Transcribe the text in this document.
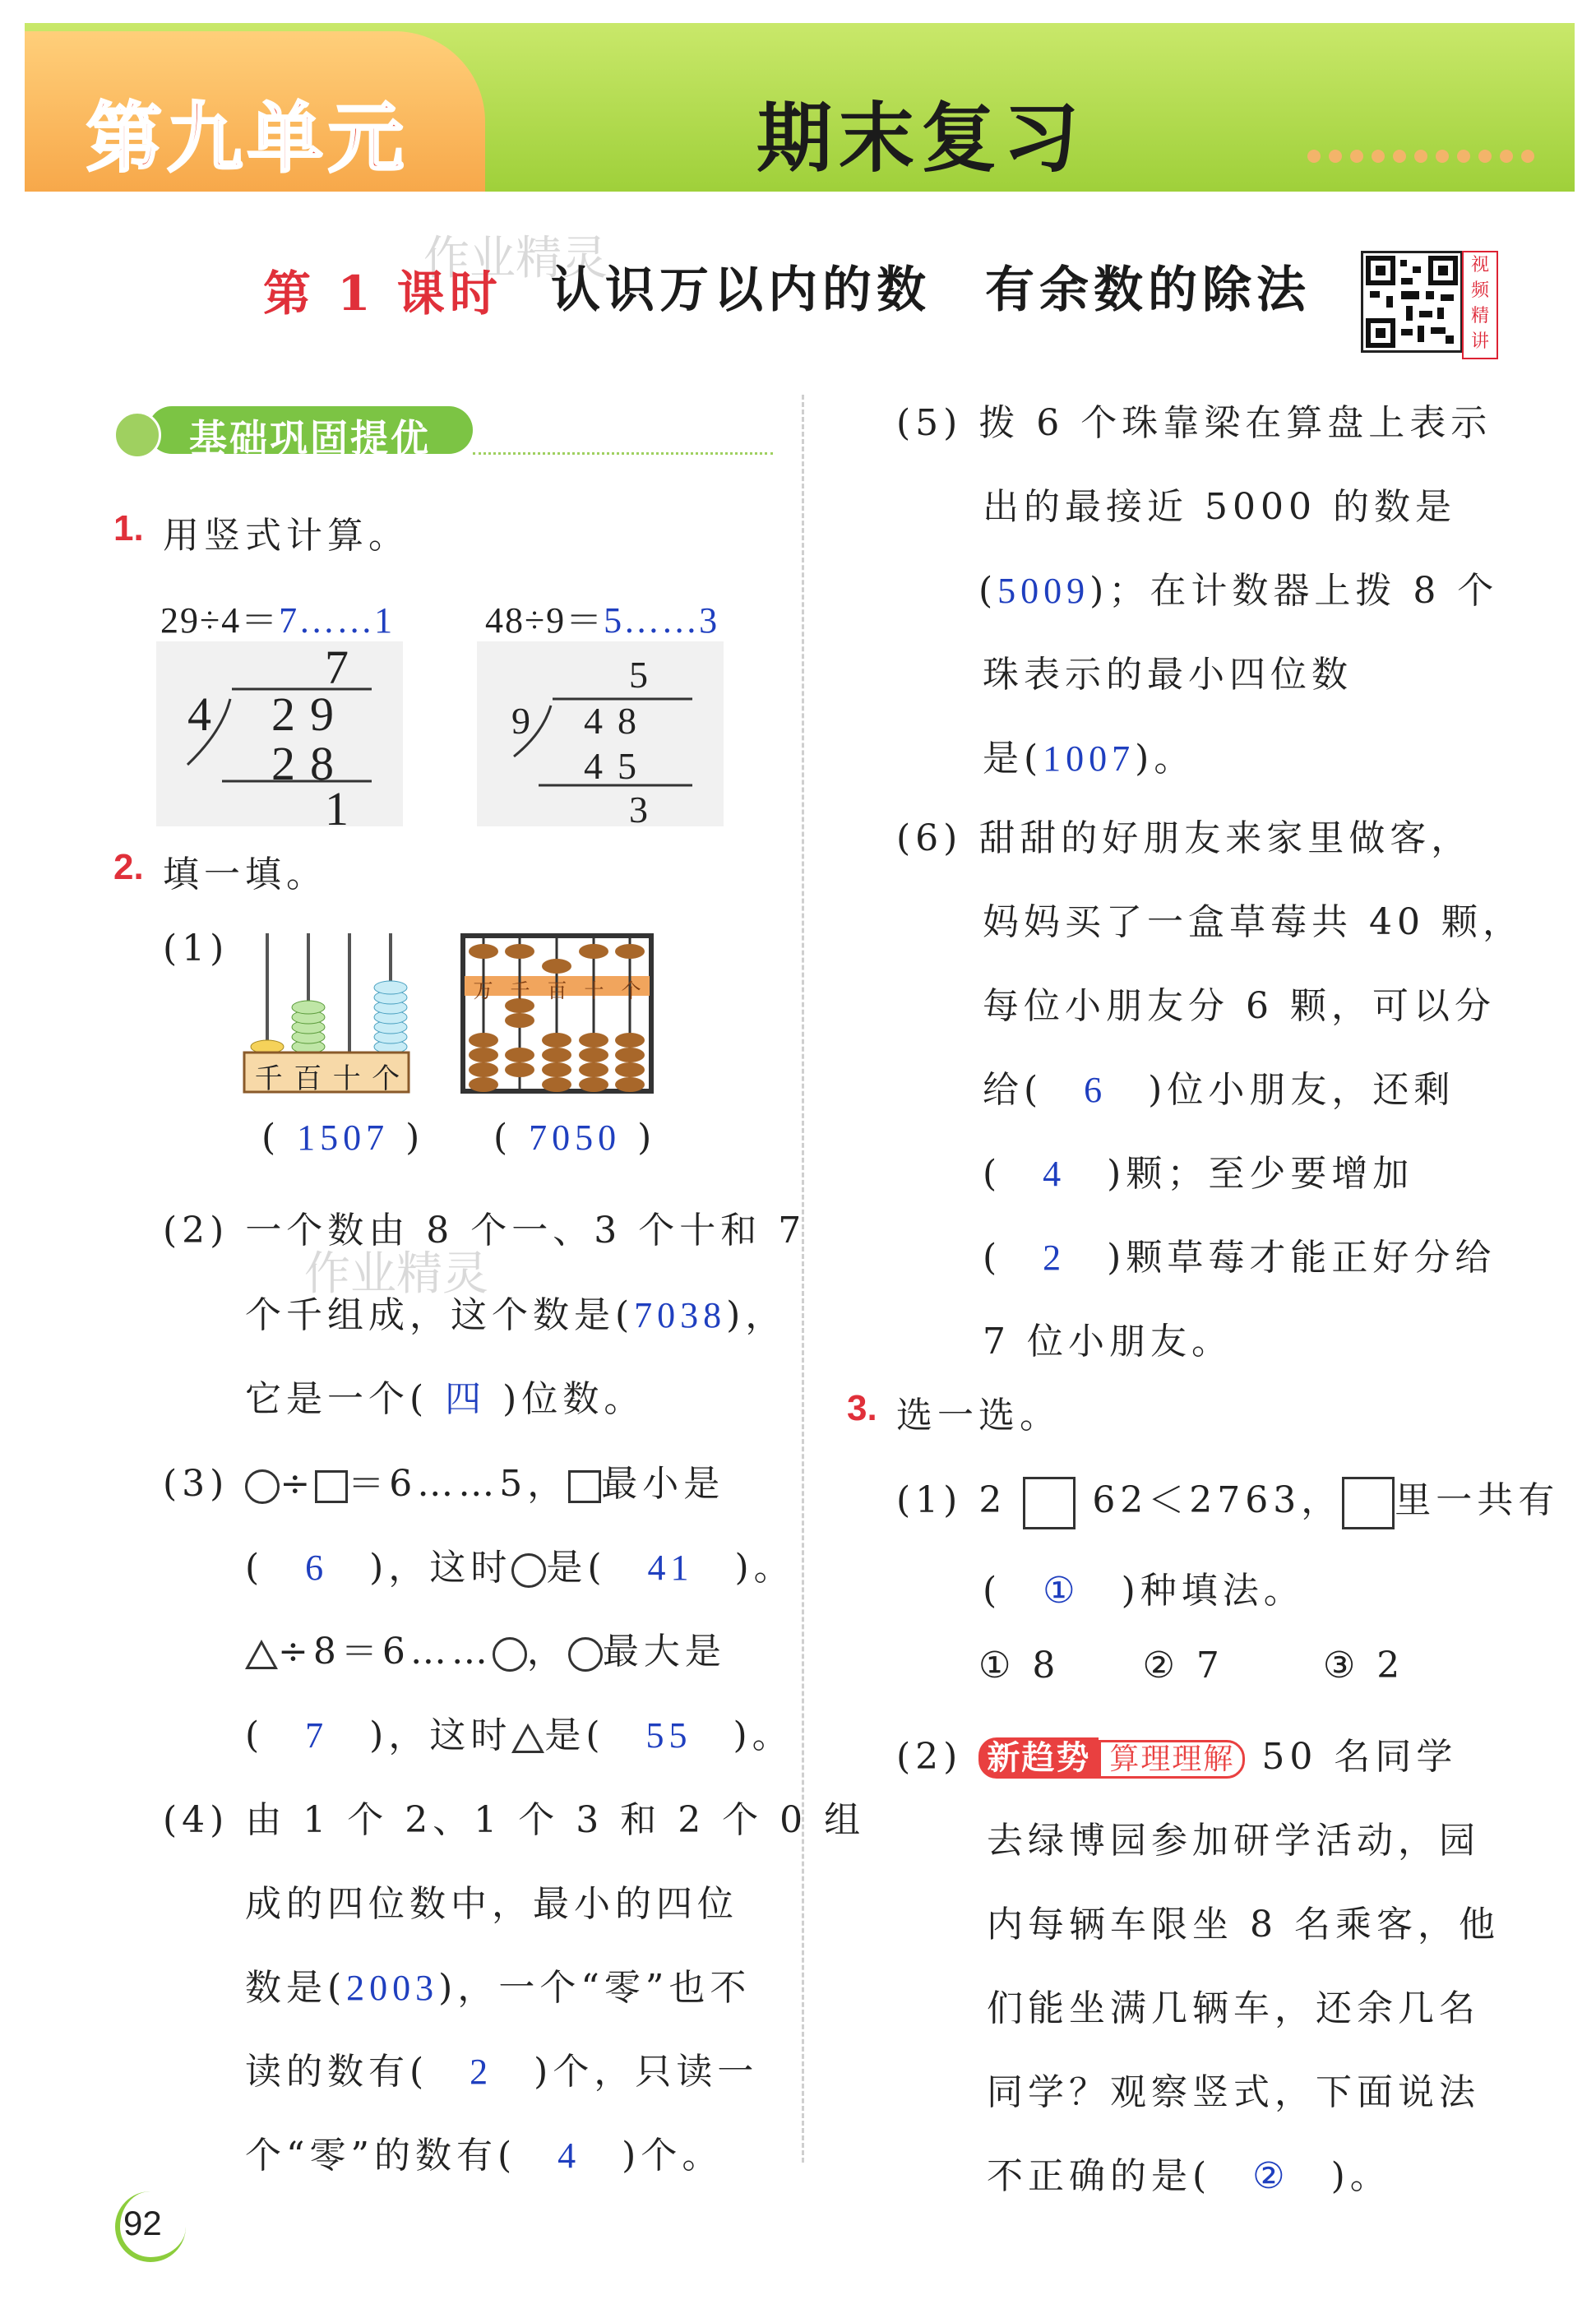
第九单元	期末复习
作业精灵
第 1 课时 认识万以内的数　有余数的除法	视频精讲
基础巩固提优
1. 用竖式计算。
29÷4＝7……1	48÷9＝5……3
7
4 29
28
1
5
9 48
45
3
2. 填一填。
(1)
千 百 十 个
万 千 百 十 个
( 1507 ) ( 7050 )
(2) 一个数由 8 个一、3 个十和 7
作业精灵
个千组成，这个数是(7038)，
它是一个( 四 )位数。
(3) ÷ ＝6……5， 最小是
(　6　 )，这时 是(　 41　 )。
÷8＝6…… ， 最大是
(　7　 )，这时 是(　 55　 )。
(4) 由 1 个 2、1 个 3 和 2 个 0 组
成的四位数中，最小的四位
数是(2003)，一个“零”也不
读的数有(　 2　 )个，只读一
个“零”的数有(　 4　 )个。
(5) 拨 6 个珠靠梁在算盘上表示
出的最接近 5000 的数是
(5009)；在计数器上拨 8 个
珠表示的最小四位数
是(1007)。
(6) 甜甜的好朋友来家里做客，
妈妈买了一盒草莓共 40 颗，
每位小朋友分 6 颗，可以分
给(　 6　 )位小朋友，还剩
(　4　 )颗；至少要增加
(　2　 )颗草莓才能正好分给
7 位小朋友。
3. 选一选。
(1) 2 62＜2763， 里一共有
(　①　 )种填法。
① 8 ② 7	③ 2
(2) 新趋势 算理理解 50 名同学
去绿博园参加研学活动，园
内每辆车限坐 8 名乘客，他
们能坐满几辆车，还余几名
同学？观察竖式，下面说法
不正确的是(　 ②　 )。
92
